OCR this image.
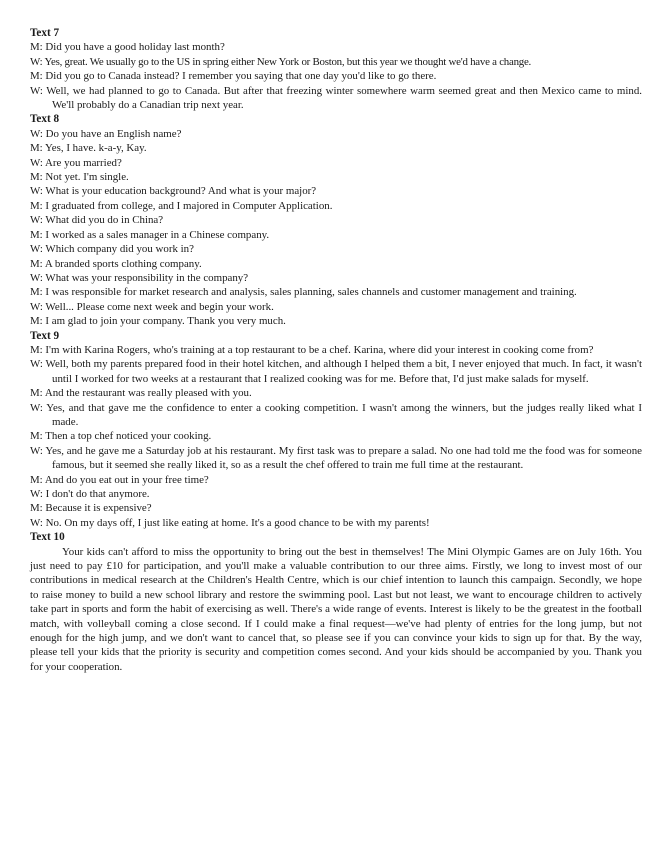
Text 7
M: Did you have a good holiday last month?
W: Yes, great. We usually go to the US in spring either New York or Boston, but this year we thought we'd have a change.
M: Did you go to Canada instead? I remember you saying that one day you'd like to go there.
W: Well, we had planned to go to Canada. But after that freezing winter somewhere warm seemed great and then Mexico came to mind. We'll probably do a Canadian trip next year.
Text 8
W: Do you have an English name?
M: Yes, I have. k-a-y, Kay.
W: Are you married?
M: Not yet. I'm single.
W: What is your education background? And what is your major?
M: I graduated from college, and I majored in Computer Application.
W: What did you do in China?
M: I worked as a sales manager in a Chinese company.
W: Which company did you work in?
M: A branded sports clothing company.
W: What was your responsibility in the company?
M: I was responsible for market research and analysis, sales planning, sales channels and customer management and training.
W: Well... Please come next week and begin your work.
M: I am glad to join your company. Thank you very much.
Text 9
M: I'm with Karina Rogers, who's training at a top restaurant to be a chef. Karina, where did your interest in cooking come from?
W: Well, both my parents prepared food in their hotel kitchen, and although I helped them a bit, I never enjoyed that much. In fact, it wasn't until I worked for two weeks at a restaurant that I realized cooking was for me. Before that, I'd just make salads for myself.
M: And the restaurant was really pleased with you.
W: Yes, and that gave me the confidence to enter a cooking competition. I wasn't among the winners, but the judges really liked what I made.
M: Then a top chef noticed your cooking.
W: Yes, and he gave me a Saturday job at his restaurant. My first task was to prepare a salad. No one had told me the food was for someone famous, but it seemed she really liked it, so as a result the chef offered to train me full time at the restaurant.
M: And do you eat out in your free time?
W: I don't do that anymore.
M: Because it is expensive?
W: No. On my days off, I just like eating at home. It's a good chance to be with my parents!
Text 10
Your kids can't afford to miss the opportunity to bring out the best in themselves! The Mini Olympic Games are on July 16th. You just need to pay £10 for participation, and you'll make a valuable contribution to our three aims. Firstly, we long to invest most of our contributions in medical research at the Children's Health Centre, which is our chief intention to launch this campaign. Secondly, we hope to raise money to build a new school library and restore the swimming pool. Last but not least, we want to encourage children to actively take part in sports and form the habit of exercising as well. There's a wide range of events. Interest is likely to be the greatest in the football match, with volleyball coming a close second. If I could make a final request—we've had plenty of entries for the long jump, but not enough for the high jump, and we don't want to cancel that, so please see if you can convince your kids to sign up for that. By the way, please tell your kids that the priority is security and competition comes second. And your kids should be accompanied by you. Thank you for your cooperation.
